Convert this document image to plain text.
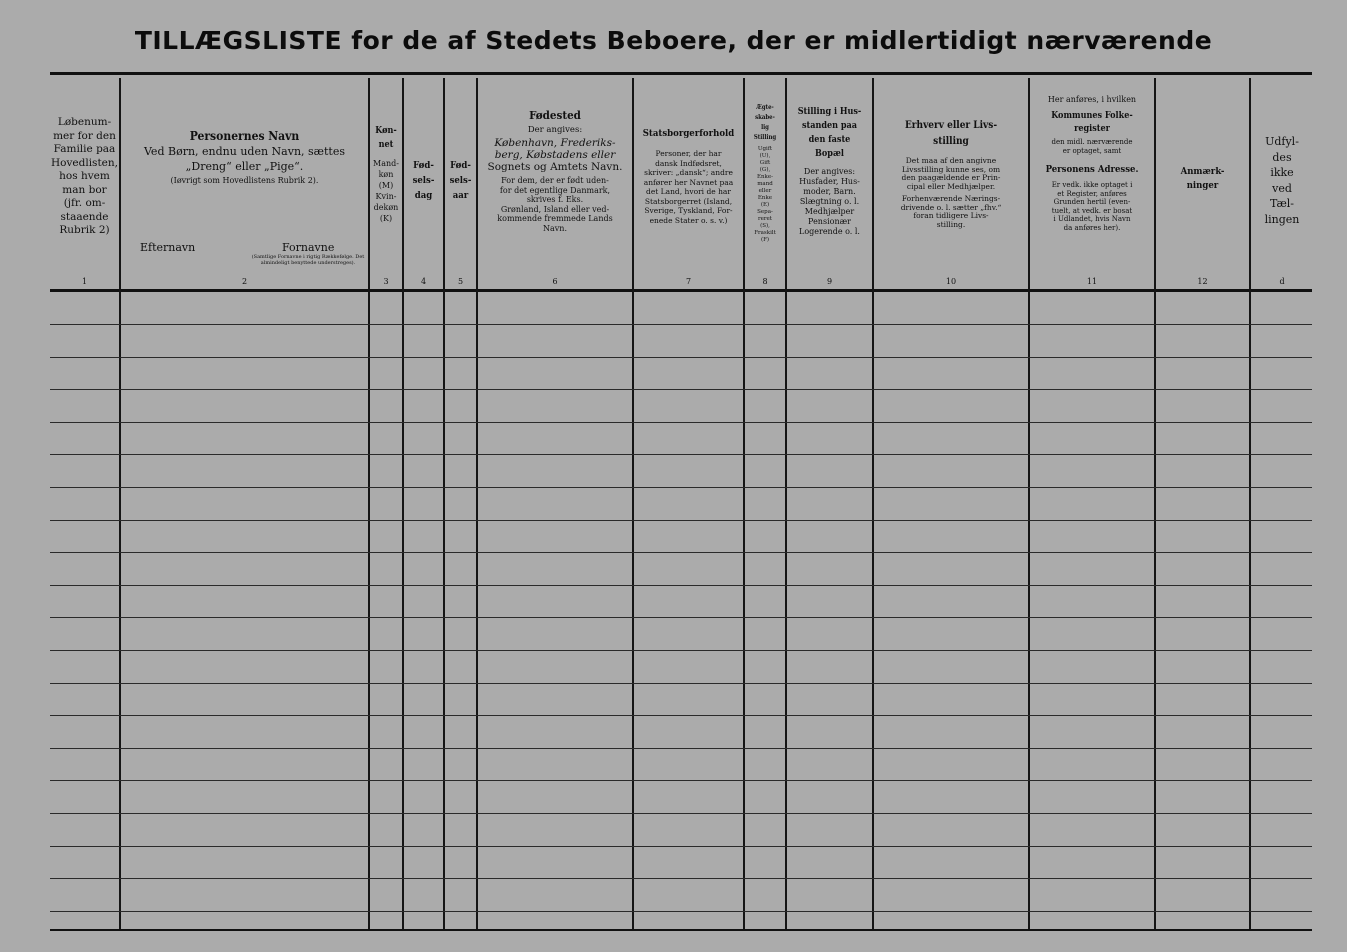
TILLÆGSLISTE for de af Stedets Beboere, der er midlertidigt nærværende
Løbenum-
mer for den
Familie paa
Hovedlisten,
hos hvem
man bor
(jfr. om-
staaende
Rubrik 2)
1
Personernes Navn
Ved Børn, endnu uden Navn, sættes
„Dreng“ eller „Pige“.
(Iøvrigt som Hovedlistens Rubrik 2).
Efternavn	Fornavne
(Samtlige Fornavne i rigtig Rækkefølge. Det almindeligt benyttede understreges).
2
Køn-
net
Mand-
køn
(M)
Kvin-
dekøn
(K)
3
Fød-
sels-
dag
4
Fød-
sels-
aar
5
Fødested
Der angives:
København, Frederiks-
berg, Købstadens eller
Sognets og Amtets Navn.
For dem, der er født uden-
for det egentlige Danmark,
skrives f. Eks.
Grønland, Island eller ved-
kommende fremmede Lands
Navn.
6
Statsborgerforhold
Personer, der har
dansk Indfødsret,
skriver: „dansk“; andre
anfører her Navnet paa
det Land, hvori de har
Statsborgerret (Island,
Sverige, Tyskland, For-
enede Stater o. s. v.)
7
Ægte-
skabe-
lig
Stilling
Ugift
(U),
Gift
(G),
Enke-
mand
eller
Enke
(E)
Sepa-
reret
(S),
Fraskilt
(F)
8
Stilling i Hus-
standen paa
den faste
Bopæl
Der angives:
Husfader, Hus-
moder, Barn.
Slægtning o. l.
Medhjælper
Pensionær
Logerende o. l.
9
Erhverv eller Livs-
stilling
Det maa af den angivne
Livsstilling kunne ses, om
den paagældende er Prin-
cipal eller Medhjælper.
Forhenværende Nærings-
drivende o. l. sætter „fhv.“
foran tidligere Livs-
stilling.
10
Her anføres, i hvilken
Kommunes Folke-
register
den midl. nærværende
er optaget, samt
Personens Adresse.
Er vedk. ikke optaget i
et Register, anføres
Grunden hertil (even-
tuelt, at vedk. er bosat
i Udlandet, hvis Navn
da anføres her).
11
Anmærk-
ninger
12
Udfyl-
des
ikke
ved
Tæl-
lingen
d
